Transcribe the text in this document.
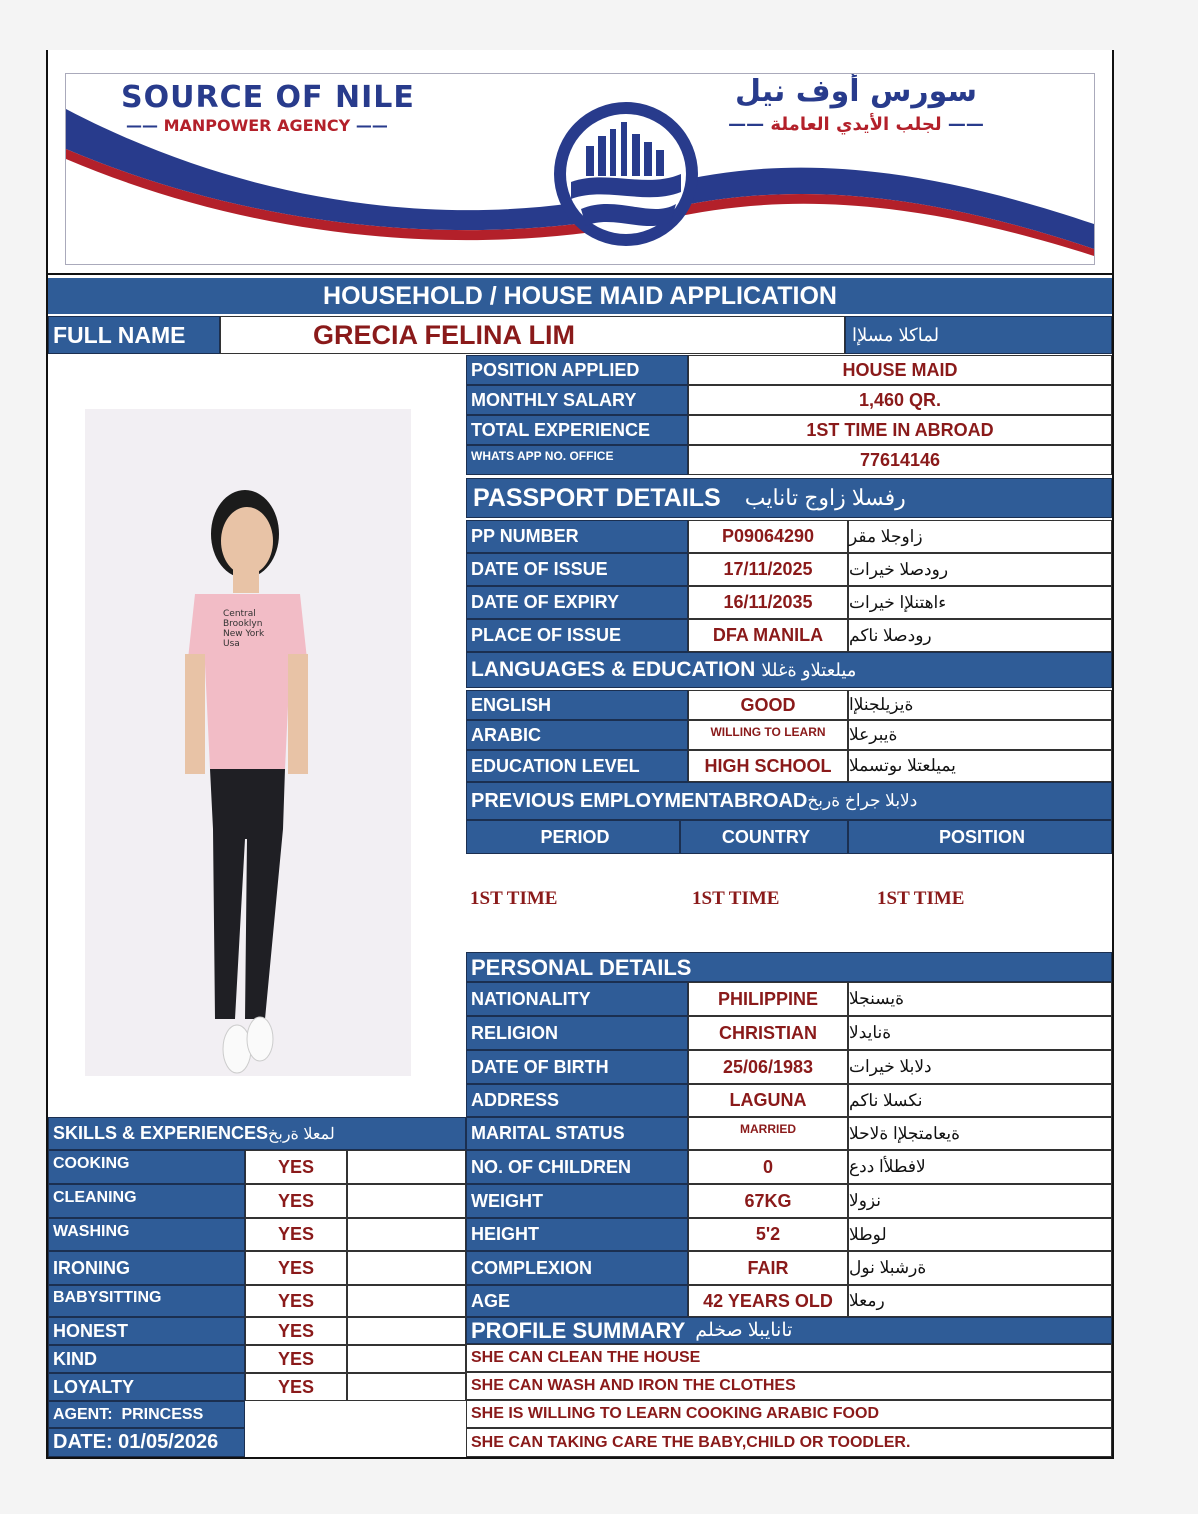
SOURCE OF NILE
—— MANPOWER AGENCY ——
سورس أوف نيل
—— لجلب الأيدي العاملة ——
HOUSEHOLD / HOUSE MAID APPLICATION
FULL NAME	GRECIA FELINA LIM	لماكلا مسلإا
Central Brooklyn New York Usa
POSITION APPLIED	HOUSE MAID
MONTHLY SALARY	1,460 QR.
TOTAL EXPERIENCE	1ST TIME IN ABROAD
WHATS APP NO. OFFICE	77614146
PASSPORT DETAILS رفسلا زاوج تانايب
PP NUMBER	P09064290	زاوجلا مقر
DATE OF ISSUE	17/11/2025	رودصلا خيرات
DATE OF EXPIRY	16/11/2035	ءاهتنلإا خيرات
PLACE OF ISSUE	DFA MANILA	رودصلا ناكم
LANGUAGES & EDUCATION ميلعتلاو ةغللا
ENGLISH	GOOD	ةيزيلجنلإا
ARABIC	WILLING TO LEARN	ةيبرعلا
EDUCATION LEVEL	HIGH SCHOOL	يميلعتلا ىوتسملا
PREVIOUS EMPLOYMENTABROAD دلابلا جراخ ةربخ
PERIOD	COUNTRY	POSITION
1ST TIME	1ST TIME	1ST TIME
PERSONAL DETAILS
NATIONALITY	PHILIPPINE	ةيسنجلا
RELIGION	CHRISTIAN	ةنايدلا
DATE OF BIRTH	25/06/1983	دلابلا خيرات
ADDRESS	LAGUNA	نكسلا ناكم
MARITAL STATUS	MARRIED	ةيعامتجلإا ةلاحلا
NO. OF CHILDREN	0	لافطلأا ددع
WEIGHT	67KG	نزولا
HEIGHT	5'2	لوطلا
COMPLEXION	FAIR	ةرشبلا نول
AGE	42 YEARS OLD رمعلا
PROFILE SUMMARY تانايبلا صخلم
SHE CAN CLEAN THE HOUSE
SHE CAN WASH AND IRON THE CLOTHES
SHE IS WILLING TO LEARN COOKING ARABIC FOOD
SHE CAN TAKING CARE THE BABY,CHILD OR TOODLER.
SKILLS & EXPERIENCES لمعلا ةربخ
COOKING	YES
CLEANING	YES
WASHING	YES
IRONING	YES
BABYSITTING	YES
HONEST	YES
KIND	YES
LOYALTY	YES
AGENT:  PRINCESS
DATE: 01/05/2026
